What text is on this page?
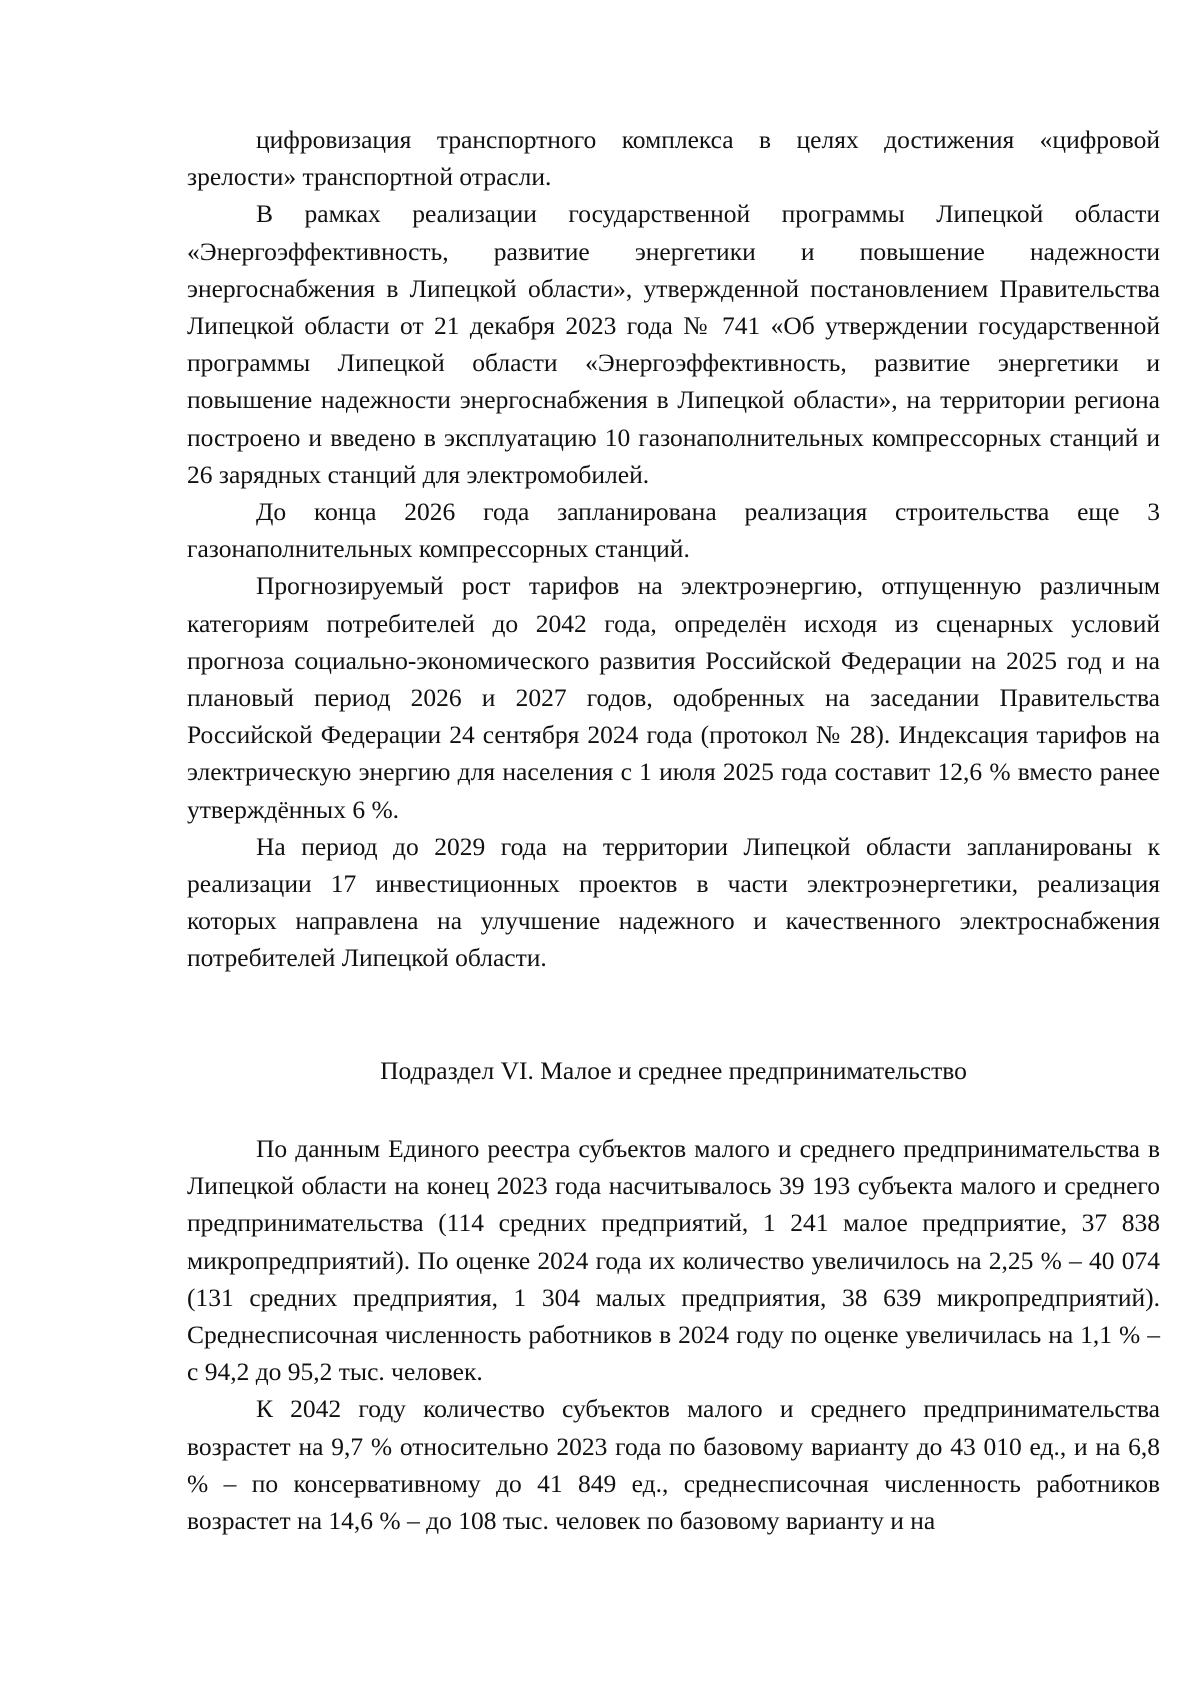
цифровизация транспортного комплекса в целях достижения «цифровой зрелости» транспортной отрасли.

В рамках реализации государственной программы Липецкой области «Энергоэффективность, развитие энергетики и повышение надежности энергоснабжения в Липецкой области», утвержденной постановлением Правительства Липецкой области от 21 декабря 2023 года № 741 «Об утверждении государственной программы Липецкой области «Энергоэффективность, развитие энергетики и повышение надежности энергоснабжения в Липецкой области», на территории региона построено и введено в эксплуатацию 10 газонаполнительных компрессорных станций и 26 зарядных станций для электромобилей.

До конца 2026 года запланирована реализация строительства еще 3 газонаполнительных компрессорных станций.

Прогнозируемый рост тарифов на электроэнергию, отпущенную различным категориям потребителей до 2042 года, определён исходя из сценарных условий прогноза социально-экономического развития Российской Федерации на 2025 год и на плановый период 2026 и 2027 годов, одобренных на заседании Правительства Российской Федерации 24 сентября 2024 года (протокол № 28). Индексация тарифов на электрическую энергию для населения с 1 июля 2025 года составит 12,6 % вместо ранее утверждённых 6 %.

На период до 2029 года на территории Липецкой области запланированы к реализации 17 инвестиционных проектов в части электроэнергетики, реализация которых направлена на улучшение надежного и качественного электроснабжения потребителей Липецкой области.

Подраздел VI. Малое и среднее предпринимательство

По данным Единого реестра субъектов малого и среднего предпринимательства в Липецкой области на конец 2023 года насчитывалось 39 193 субъекта малого и среднего предпринимательства (114 средних предприятий, 1 241 малое предприятие, 37 838 микропредприятий). По оценке 2024 года их количество увеличилось на 2,25 % – 40 074 (131 средних предприятия, 1 304 малых предприятия, 38 639 микропредприятий). Среднесписочная численность работников в 2024 году по оценке увеличилась на 1,1 % – с 94,2 до 95,2 тыс. человек.

К 2042 году количество субъектов малого и среднего предпринимательства возрастет на 9,7 % относительно 2023 года по базовому варианту до 43 010 ед., и на 6,8 % – по консервативному до 41 849 ед., среднесписочная численность работников возрастет на 14,6 % – до 108 тыс. человек по базовому варианту и на
